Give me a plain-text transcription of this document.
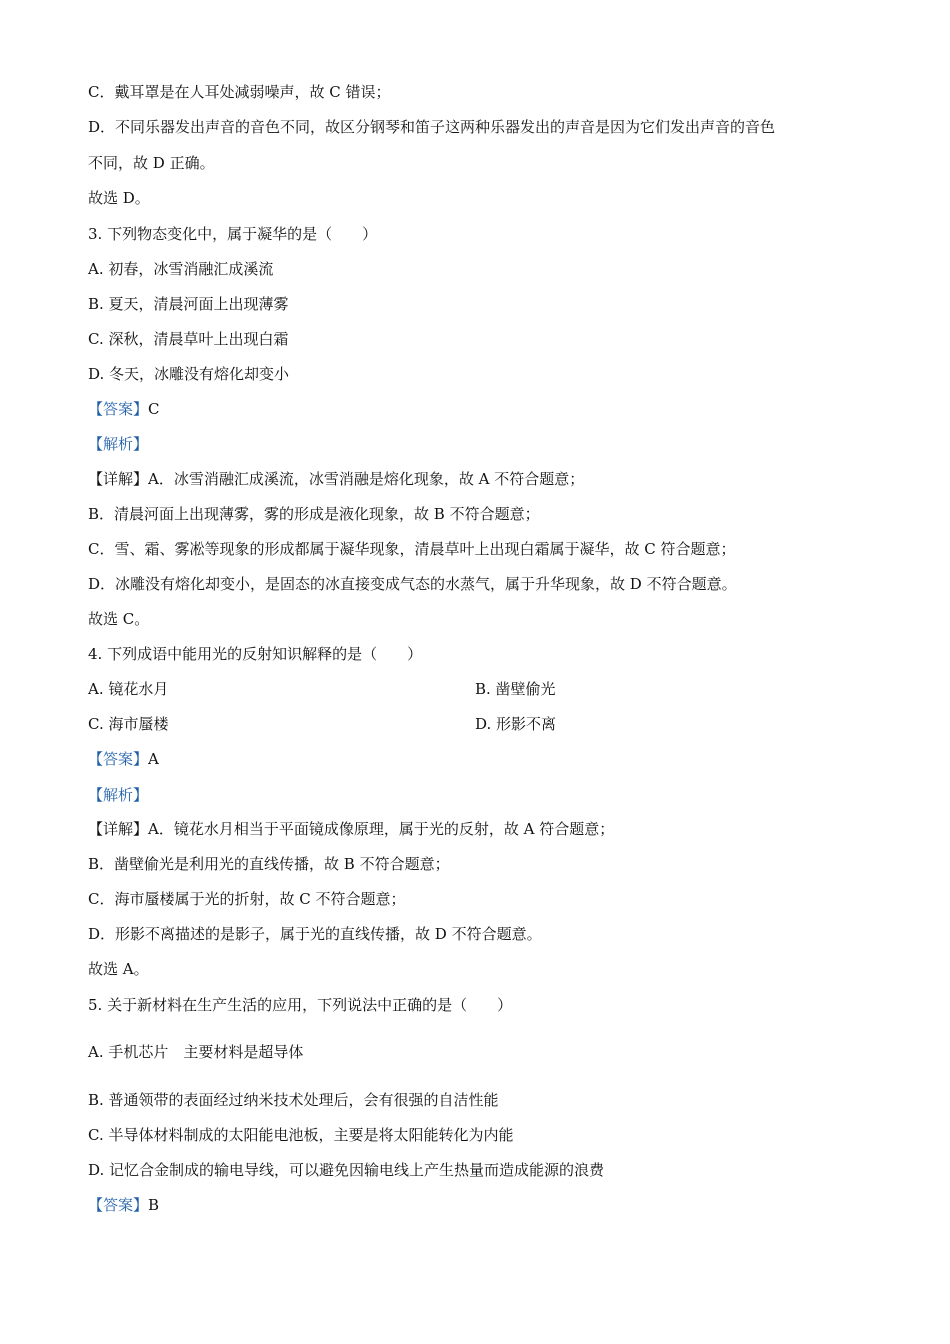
C．戴耳罩是在人耳处减弱噪声，故 C 错误；
D．不同乐器发出声音的音色不同，故区分钢琴和笛子这两种乐器发出的声音是因为它们发出声音的音色
不同，故 D 正确。
故选 D。
3. 下列物态变化中，属于凝华的是（　　）
A. 初春，冰雪消融汇成溪流
B. 夏天，清晨河面上出现薄雾
C. 深秋，清晨草叶上出现白霜
D. 冬天，冰雕没有熔化却变小
【答案】C
【解析】
【详解】A．冰雪消融汇成溪流，冰雪消融是熔化现象，故 A 不符合题意；
B．清晨河面上出现薄雾，雾的形成是液化现象，故 B 不符合题意；
C．雪、霜、雾凇等现象的形成都属于凝华现象，清晨草叶上出现白霜属于凝华，故 C 符合题意；
D．冰雕没有熔化却变小，是固态的冰直接变成气态的水蒸气，属于升华现象，故 D 不符合题意。
故选 C。
4. 下列成语中能用光的反射知识解释的是（　　）
A. 镜花水月	B. 凿壁偷光
C. 海市蜃楼	D. 形影不离
【答案】A
【解析】
【详解】A．镜花水月相当于平面镜成像原理，属于光的反射，故 A 符合题意；
B．凿壁偷光是利用光的直线传播，故 B 不符合题意；
C．海市蜃楼属于光的折射，故 C 不符合题意；
D．形影不离描述的是影子，属于光的直线传播，故 D 不符合题意。
故选 A。
5. 关于新材料在生产生活的应用，下列说法中正确的是（　　）
A. 手机芯片　主要材料是超导体
B. 普通领带的表面经过纳米技术处理后，会有很强的自洁性能
C. 半导体材料制成的太阳能电池板，主要是将太阳能转化为内能
D. 记忆合金制成的输电导线，可以避免因输电线上产生热量而造成能源的浪费
【答案】B
